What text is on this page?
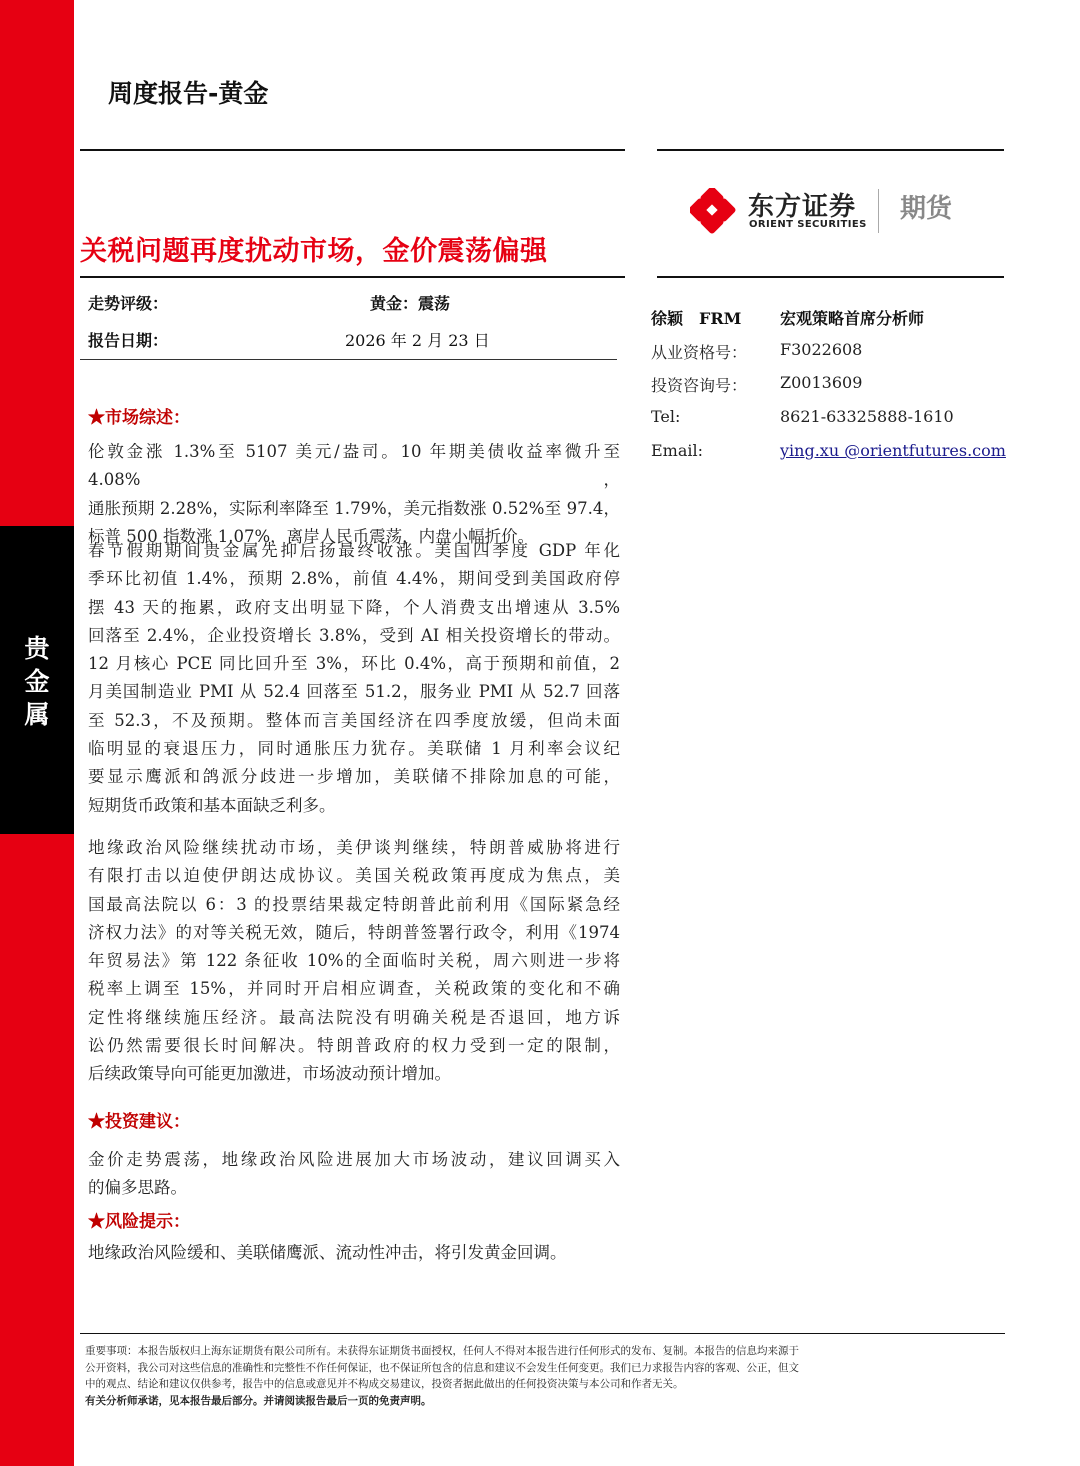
贵
金
属
周度报告-黄金
关税问题再度扰动市场，金价震荡偏强
东方证券
ORIENT SECURITIES
期货
走势评级：	黄金：震荡
报告日期：	2026 年 2 月 23 日
徐颖　FRM 宏观策略首席分析师
从业资格号： F3022608
投资咨询号： Z0013609
Tel:	8621-63325888-1610
Email:	ying.xu @orientfutures.com
★市场综述：
伦敦金涨 1.3%至 5107 美元/盎司。10 年期美债收益率微升至 4.08%，
通胀预期 2.28%，实际利率降至 1.79%，美元指数涨 0.52%至 97.4，
标普 500 指数涨 1.07%，离岸人民币震荡，内盘小幅折价。
春节假期期间贵金属先抑后扬最终收涨。美国四季度 GDP 年化
季环比初值 1.4%，预期 2.8%，前值 4.4%，期间受到美国政府停
摆 43 天的拖累，政府支出明显下降，个人消费支出增速从 3.5%
回落至 2.4%，企业投资增长 3.8%，受到 AI 相关投资增长的带动。
12 月核心 PCE 同比回升至 3%，环比 0.4%，高于预期和前值，2
月美国制造业 PMI 从 52.4 回落至 51.2，服务业 PMI 从 52.7 回落
至 52.3，不及预期。整体而言美国经济在四季度放缓，但尚未面
临明显的衰退压力，同时通胀压力犹存。美联储 1 月利率会议纪
要显示鹰派和鸽派分歧进一步增加，美联储不排除加息的可能，
短期货币政策和基本面缺乏利多。
地缘政治风险继续扰动市场，美伊谈判继续，特朗普威胁将进行
有限打击以迫使伊朗达成协议。美国关税政策再度成为焦点，美
国最高法院以 6：3 的投票结果裁定特朗普此前利用《国际紧急经
济权力法》的对等关税无效，随后，特朗普签署行政令，利用《1974
年贸易法》第 122 条征收 10%的全面临时关税，周六则进一步将
税率上调至 15%，并同时开启相应调查，关税政策的变化和不确
定性将继续施压经济。最高法院没有明确关税是否退回，地方诉
讼仍然需要很长时间解决。特朗普政府的权力受到一定的限制，
后续政策导向可能更加激进，市场波动预计增加。
★投资建议：
金价走势震荡，地缘政治风险进展加大市场波动，建议回调买入
的偏多思路。
★风险提示：
地缘政治风险缓和、美联储鹰派、流动性冲击，将引发黄金回调。
重要事项：本报告版权归上海东证期货有限公司所有。未获得东证期货书面授权，任何人不得对本报告进行任何形式的发布、复制。本报告的信息均来源于
公开资料，我公司对这些信息的准确性和完整性不作任何保证，也不保证所包含的信息和建议不会发生任何变更。我们已力求报告内容的客观、公正，但文
中的观点、结论和建议仅供参考，报告中的信息或意见并不构成交易建议，投资者据此做出的任何投资决策与本公司和作者无关。
有关分析师承诺，见本报告最后部分。并请阅读报告最后一页的免责声明。
